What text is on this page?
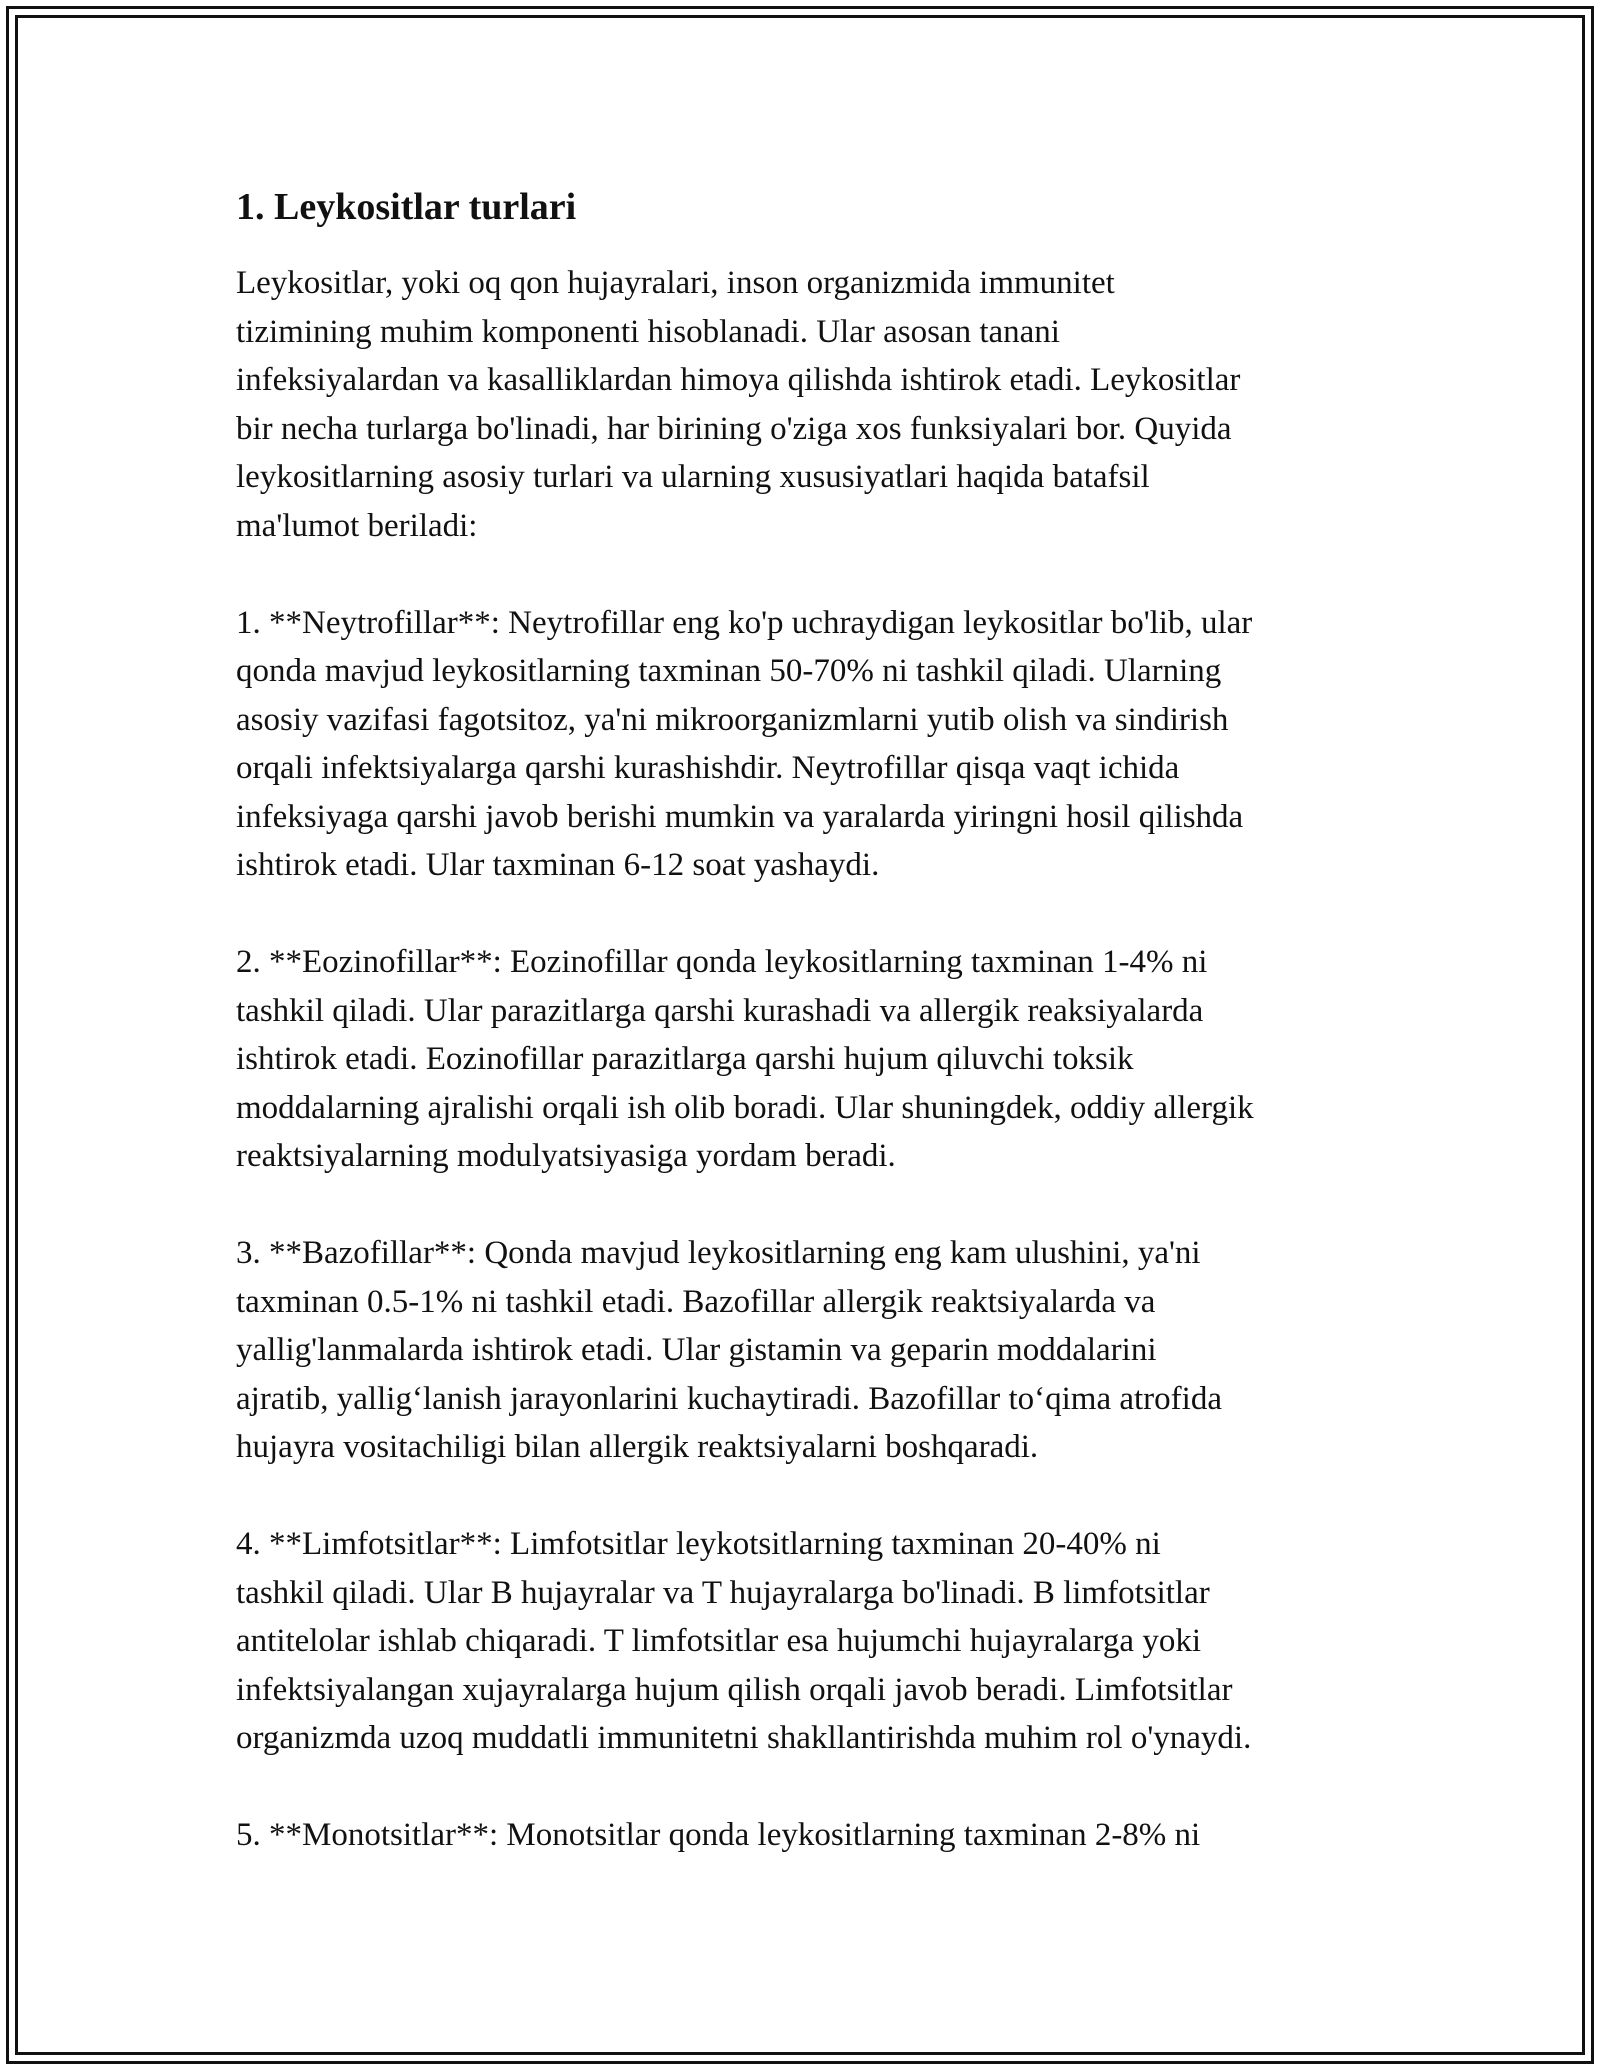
1. Leykositlar turlari

Leykositlar, yoki oq qon hujayralari, inson organizmida immunitet
tizimining muhim komponenti hisoblanadi. Ular asosan tanani
infeksiyalardan va kasalliklardan himoya qilishda ishtirok etadi. Leykositlar
bir necha turlarga bo'linadi, har birining o'ziga xos funksiyalari bor. Quyida
leykositlarning asosiy turlari va ularning xususiyatlari haqida batafsil
ma'lumot beriladi:

1. **Neytrofillar**: Neytrofillar eng ko'p uchraydigan leykositlar bo'lib, ular
qonda mavjud leykositlarning taxminan 50-70% ni tashkil qiladi. Ularning
asosiy vazifasi fagotsitoz, ya'ni mikroorganizmlarni yutib olish va sindirish
orqali infektsiyalarga qarshi kurashishdir. Neytrofillar qisqa vaqt ichida
infeksiyaga qarshi javob berishi mumkin va yaralarda yiringni hosil qilishda
ishtirok etadi. Ular taxminan 6-12 soat yashaydi.

2. **Eozinofillar**: Eozinofillar qonda leykositlarning taxminan 1-4% ni
tashkil qiladi. Ular parazitlarga qarshi kurashadi va allergik reaksiyalarda
ishtirok etadi. Eozinofillar parazitlarga qarshi hujum qiluvchi toksik
moddalarning ajralishi orqali ish olib boradi. Ular shuningdek, oddiy allergik
reaktsiyalarning modulyatsiyasiga yordam beradi.

3. **Bazofillar**: Qonda mavjud leykositlarning eng kam ulushini, ya'ni
taxminan 0.5-1% ni tashkil etadi. Bazofillar allergik reaktsiyalarda va
yallig'lanmalarda ishtirok etadi. Ular gistamin va geparin moddalarini
ajratib, yallig‘lanish jarayonlarini kuchaytiradi. Bazofillar to‘qima atrofida
hujayra vositachiligi bilan allergik reaktsiyalarni boshqaradi.

4. **Limfotsitlar**: Limfotsitlar leykotsitlarning taxminan 20-40% ni
tashkil qiladi. Ular B hujayralar va T hujayralarga bo'linadi. B limfotsitlar
antitelolar ishlab chiqaradi. T limfotsitlar esa hujumchi hujayralarga yoki
infektsiyalangan xujayralarga hujum qilish orqali javob beradi. Limfotsitlar
organizmda uzoq muddatli immunitetni shakllantirishda muhim rol o'ynaydi.

5. **Monotsitlar**: Monotsitlar qonda leykositlarning taxminan 2-8% ni
